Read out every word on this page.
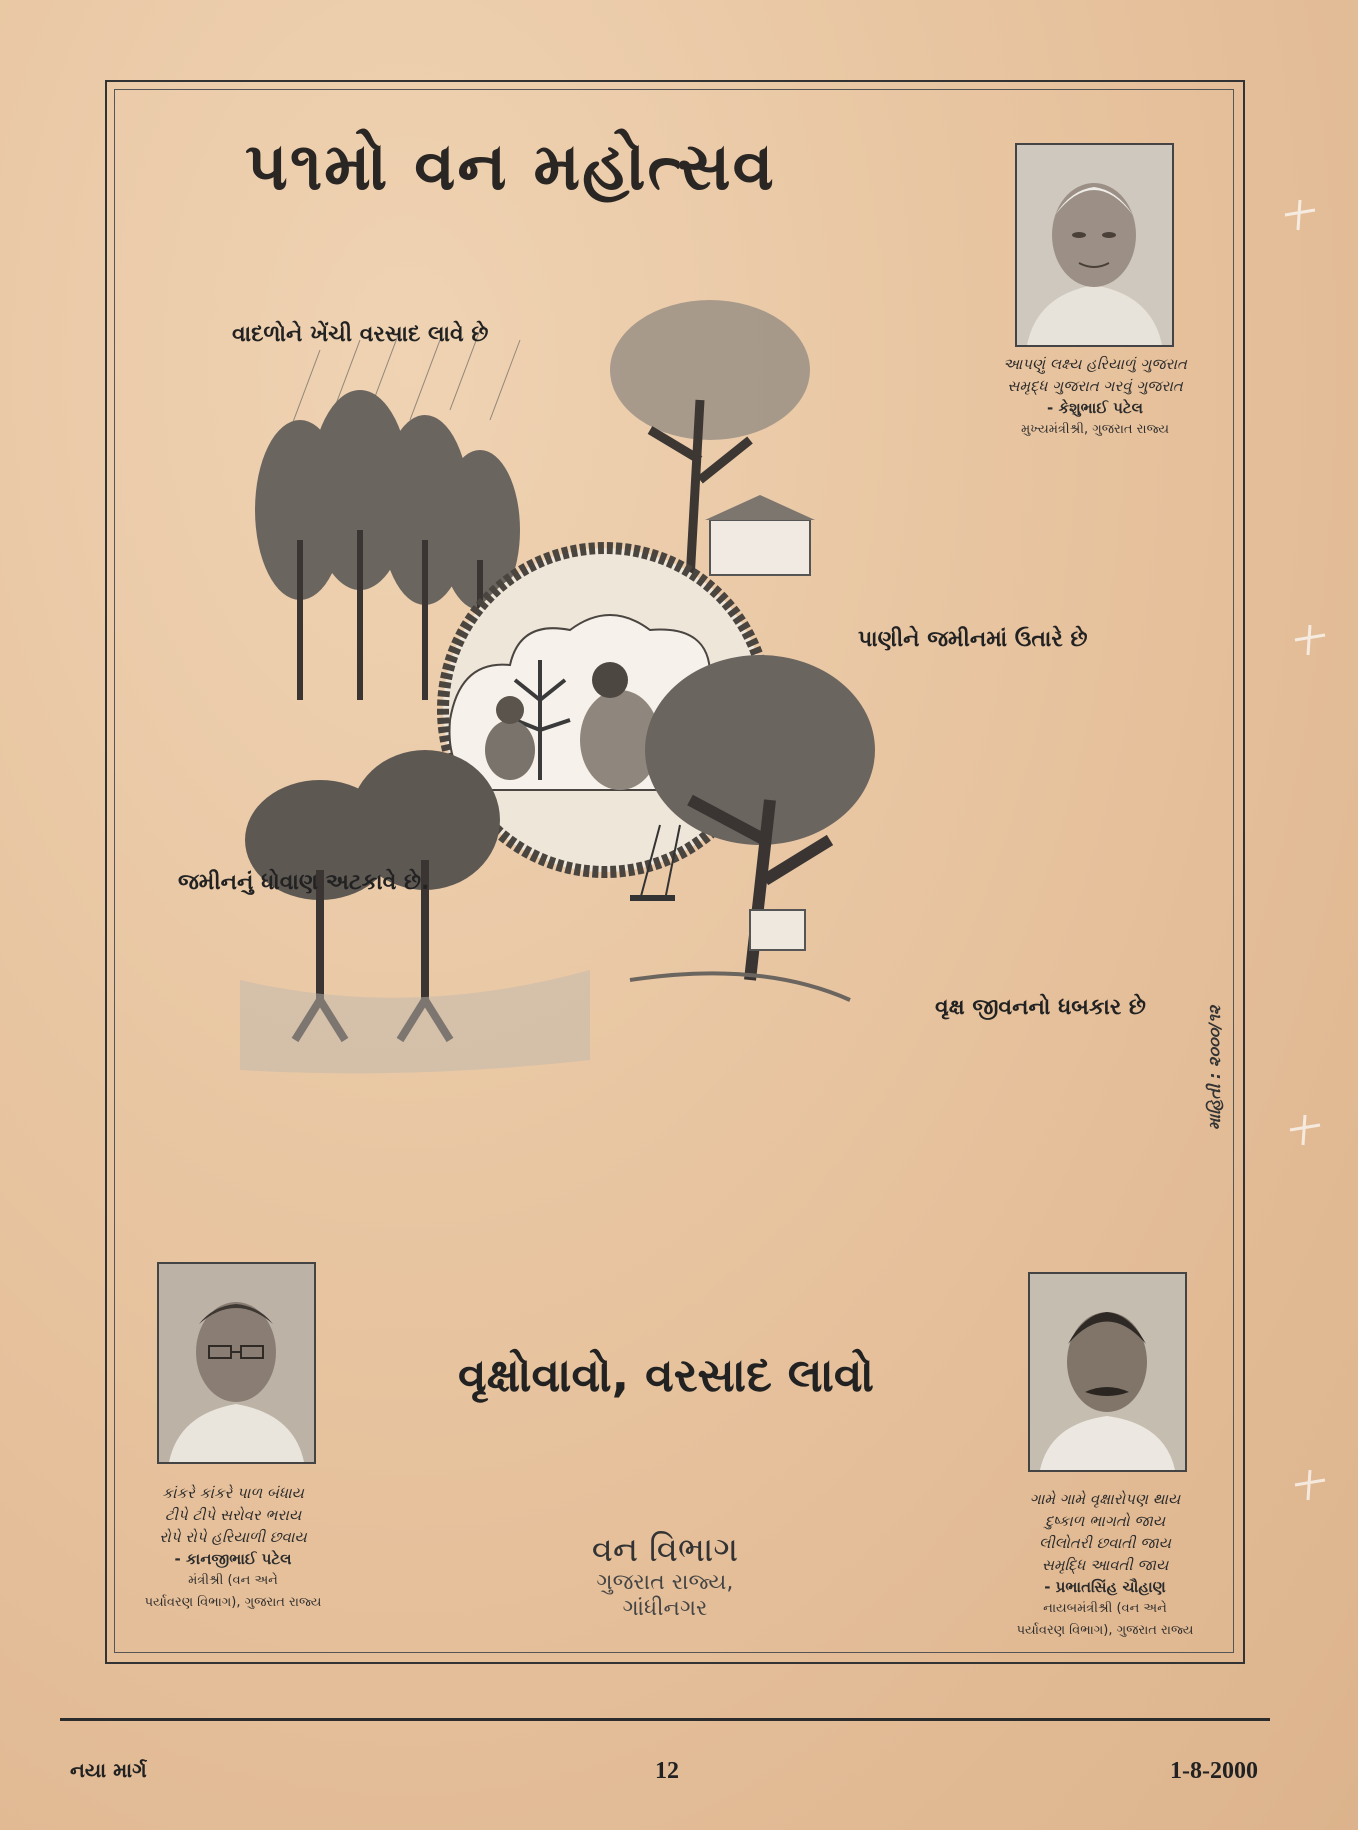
પ૧મો વન મહોત્સવ
આપણું લક્ષ્ય હરિયાળું ગુજરાત
સમૃદ્ધ ગુજરાત ગરવું ગુજરાત
- કેશુભાઈ પટેલ
મુખ્યમંત્રીશ્રી, ગુજરાત રાજ્ય
વાદળોને ખેંચી વરસાદ લાવે છે
પાણીને જમીનમાં ઉતારે છે
જમીનનું ધોવાણ અટકાવે છે.
વૃક્ષ જીવનનો ધબકાર છે
કાંકરે કાંકરે પાળ બંધાય
ટીપે ટીપે સરોવર ભરાય
રોપે રોપે હરિયાળી છવાય
- કાનજીભાઈ પટેલ
મંત્રીશ્રી (વન અને
પર્યાવરણ વિભાગ), ગુજરાત રાજ્ય
ગામે ગામે વૃક્ષારોપણ થાય
દુષ્કાળ ભાગતો જાય
લીલોતરી છવાતી જાય
સમૃદ્ધિ આવતી જાય
- પ્રભાતસિંહ ચૌહાણ
નાયબમંત્રીશ્રી (વન અને
પર્યાવરણ વિભાગ), ગુજરાત રાજ્ય
વૃક્ષોવાવો, વરસાદ લાવો
વન વિભાગ
ગુજરાત રાજ્ય,
ગાંધીનગર
માહિતી : ૨૦૦૦/૧૨
નયા માર્ગ	12	1-8-2000
